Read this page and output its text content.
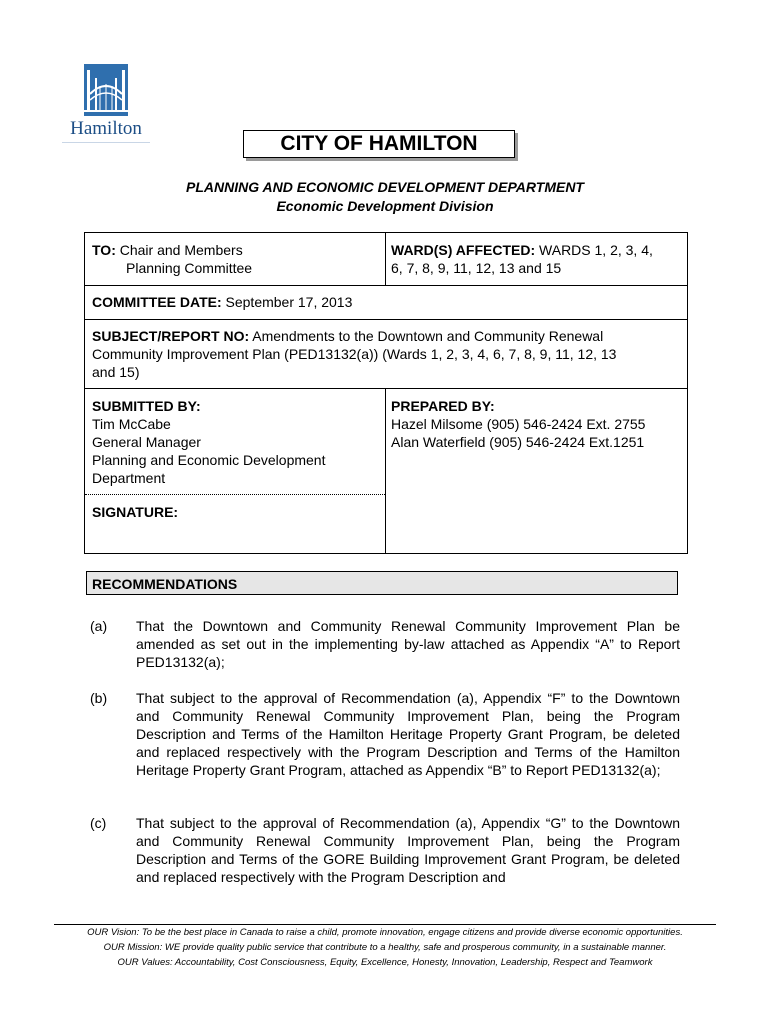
Hamilton
CITY OF HAMILTON
PLANNING AND ECONOMIC DEVELOPMENT DEPARTMENT
Economic Development Division
TO: Chair and Members
Planning Committee
WARD(S) AFFECTED: WARDS 1, 2, 3, 4,
6, 7, 8, 9, 11, 12, 13 and 15
COMMITTEE DATE: September 17, 2013
SUBJECT/REPORT NO: Amendments to the Downtown and Community Renewal
Community Improvement Plan (PED13132(a)) (Wards 1, 2, 3, 4, 6, 7, 8, 9, 11, 12, 13
and 15)
SUBMITTED BY:
Tim McCabe
General Manager
Planning and Economic Development
Department
PREPARED BY:
Hazel Milsome (905) 546-2424 Ext. 2755
Alan Waterfield (905) 546-2424 Ext.1251
SIGNATURE:
RECOMMENDATIONS
(a)	That the Downtown and Community Renewal Community Improvement Plan be amended as set out in the implementing by-law attached as Appendix “A” to Report PED13132(a);
(b)	That subject to the approval of Recommendation (a), Appendix “F” to the Downtown and Community Renewal Community Improvement Plan, being the Program Description and Terms of the Hamilton Heritage Property Grant Program, be deleted and replaced respectively with the Program Description and Terms of the Hamilton Heritage Property Grant Program, attached as Appendix “B” to Report PED13132(a);
(c)	That subject to the approval of Recommendation (a), Appendix “G” to the Downtown and Community Renewal Community Improvement Plan, being the Program Description and Terms of the GORE Building Improvement Grant Program, be deleted and replaced respectively with the Program Description and
OUR Vision: To be the best place in Canada to raise a child, promote innovation, engage citizens and provide diverse economic opportunities.
OUR Mission: WE provide quality public service that contribute to a healthy, safe and prosperous community, in a sustainable manner.
OUR Values: Accountability, Cost Consciousness, Equity, Excellence, Honesty, Innovation, Leadership, Respect and Teamwork
